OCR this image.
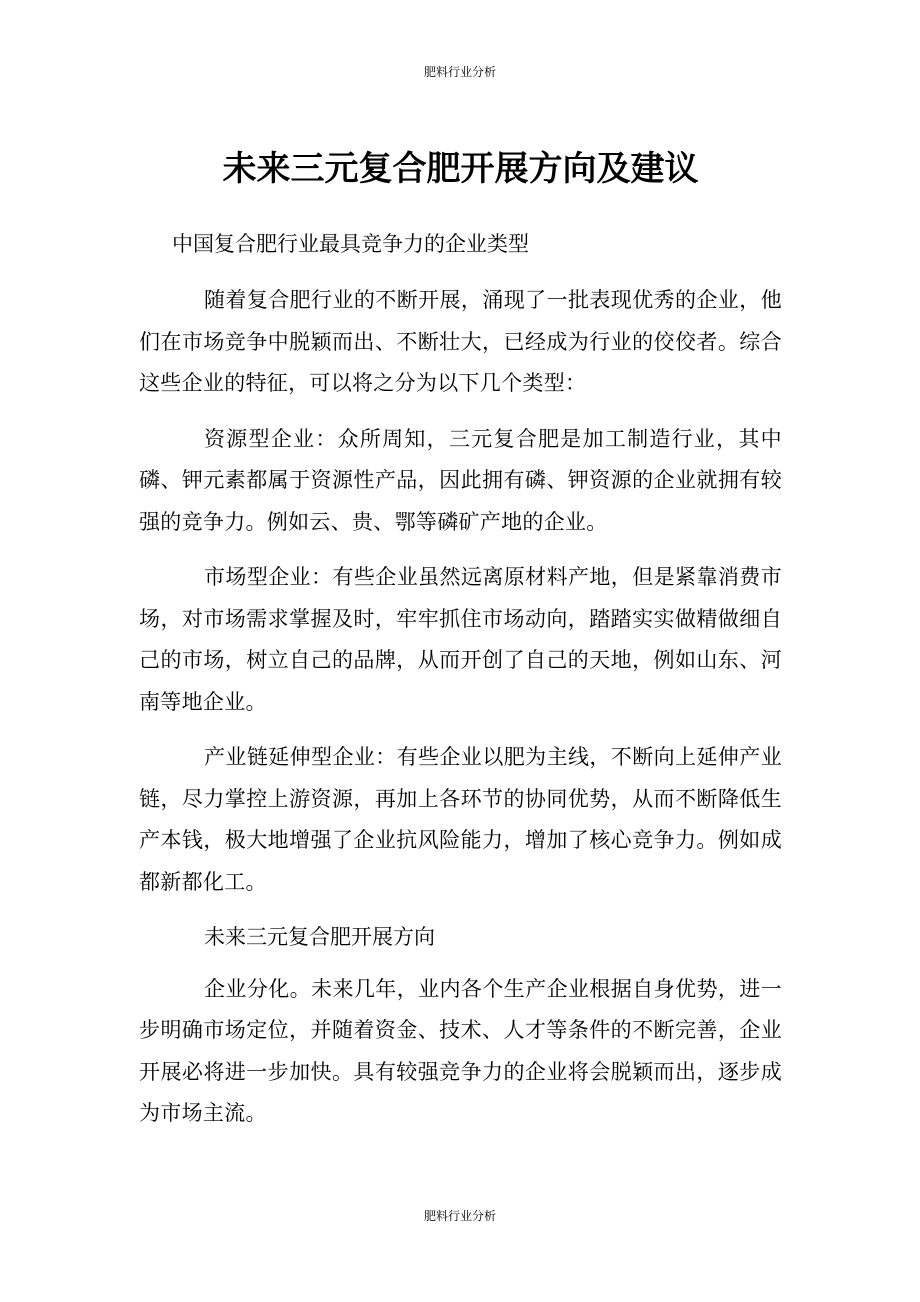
肥料行业分析
未来三元复合肥开展方向及建议
中国复合肥行业最具竞争力的企业类型

随着复合肥行业的不断开展，涌现了一批表现优秀的企业，他们在市场竞争中脱颖而出、不断壮大，已经成为行业的佼佼者。综合这些企业的特征，可以将之分为以下几个类型：

资源型企业：众所周知，三元复合肥是加工制造行业，其中磷、钾元素都属于资源性产品，因此拥有磷、钾资源的企业就拥有较强的竞争力。例如云、贵、鄂等磷矿产地的企业。

市场型企业：有些企业虽然远离原材料产地，但是紧靠消费市场，对市场需求掌握及时，牢牢抓住市场动向，踏踏实实做精做细自己的市场，树立自己的品牌，从而开创了自己的天地，例如山东、河南等地企业。

产业链延伸型企业：有些企业以肥为主线，不断向上延伸产业链，尽力掌控上游资源，再加上各环节的协同优势，从而不断降低生产本钱，极大地增强了企业抗风险能力，增加了核心竞争力。例如成都新都化工。

未来三元复合肥开展方向

企业分化。未来几年，业内各个生产企业根据自身优势，进一步明确市场定位，并随着资金、技术、人才等条件的不断完善，企业开展必将进一步加快。具有较强竞争力的企业将会脱颖而出，逐步成为市场主流。

肥料行业分析
